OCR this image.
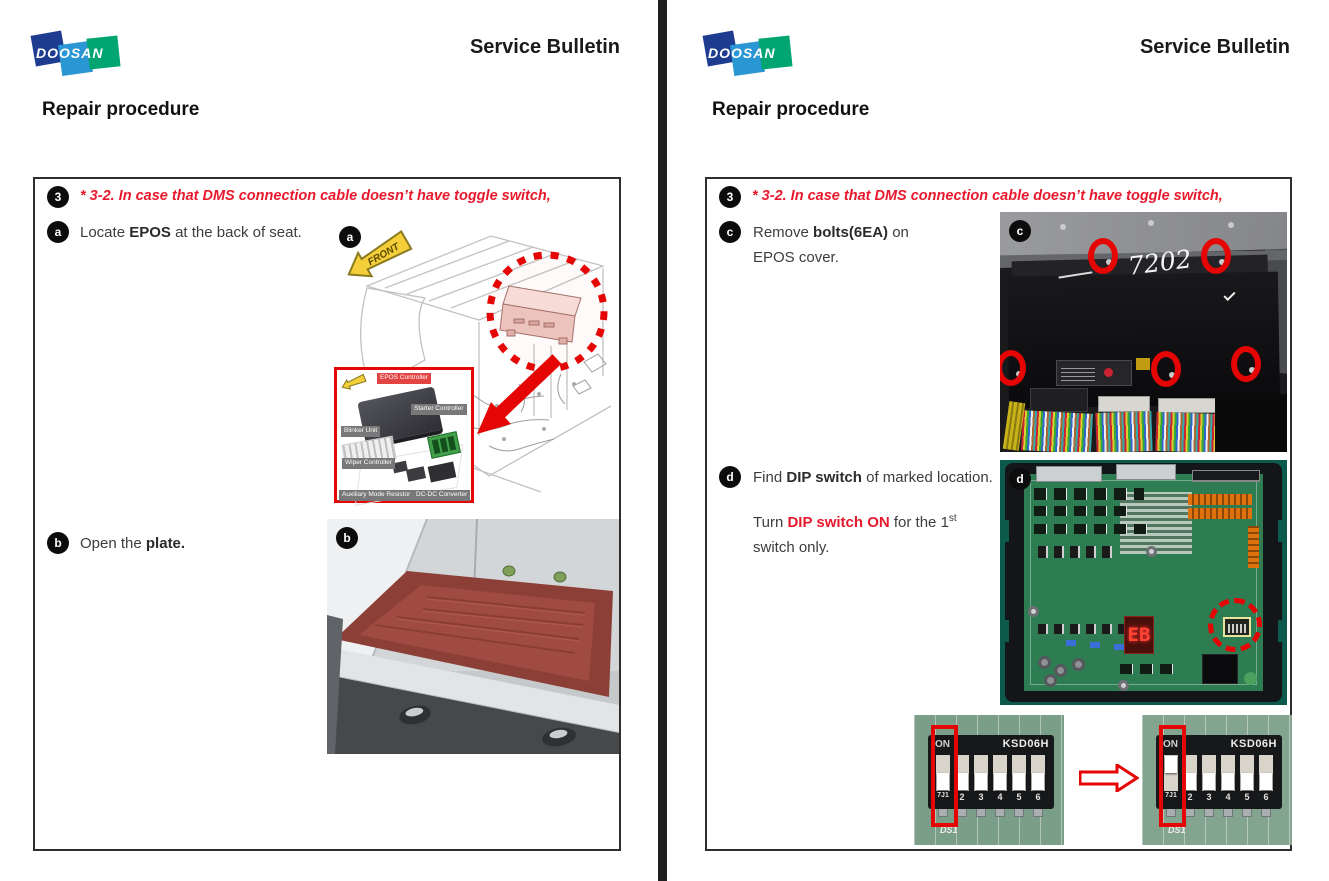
DOOSAN	Service Bulletin
Repair procedure
3	* 3-2. In case that DMS connection cable doesn’t have toggle switch,
a	Locate EPOS at the back of seat.	a
FRONT
EPOS Controller
Starter Controller
Blinker Unit
Wiper Controller
Auxiliary Mode Resistor DC-DC Converter
b	Open the plate.	b
DOOSAN	Service Bulletin
Repair procedure
3	* 3-2. In case that DMS connection cable doesn’t have toggle switch,
c	Remove bolts(6EA) on EPOS cover.	7202
c
d	Find DIP switch of marked location.
Turn DIP switch ON for the 1st switch only.
EB
d
ON	KSD06H
7J1	2	3	4	5	6
DS1
ON	KSD06H
7J1	2	3	4	5	6
DS1
